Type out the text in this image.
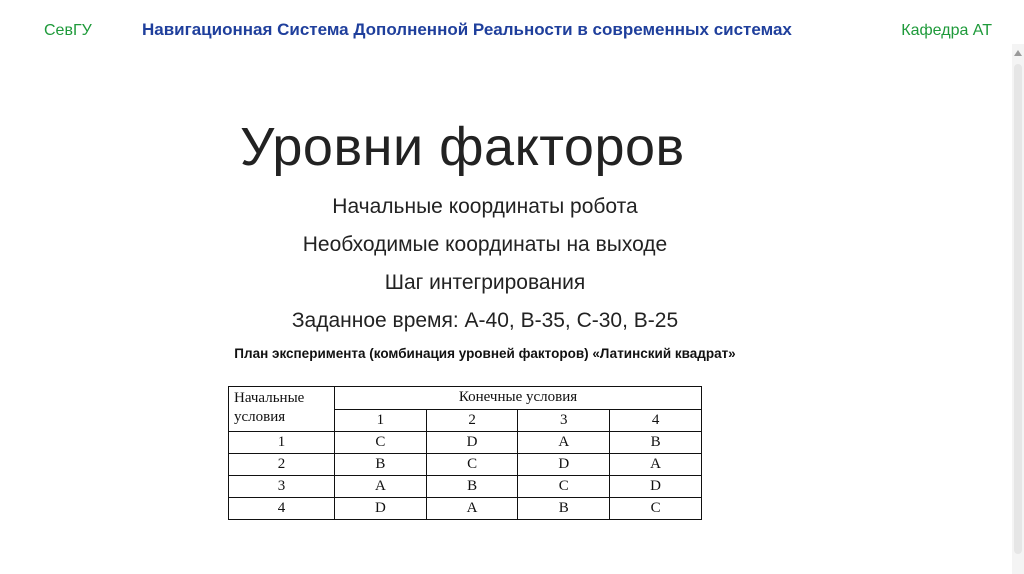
СевГУ	Навигационная Система Дополненной Реальности в современных системах	Кафедра АТ
Уровни факторов
Начальные координаты робота
Необходимые координаты на выходе
Шаг интегрирования
Заданное время: А-40, В-35, С-30, В-25
План эксперимента (комбинация уровней факторов) «Латинский квадрат»
Начальные
условия	Конечные условия			
	1	2	3	4
1	C	D	A	B
2	B	C	D	A
3	A	B	C	D
4	D	A	B	C
